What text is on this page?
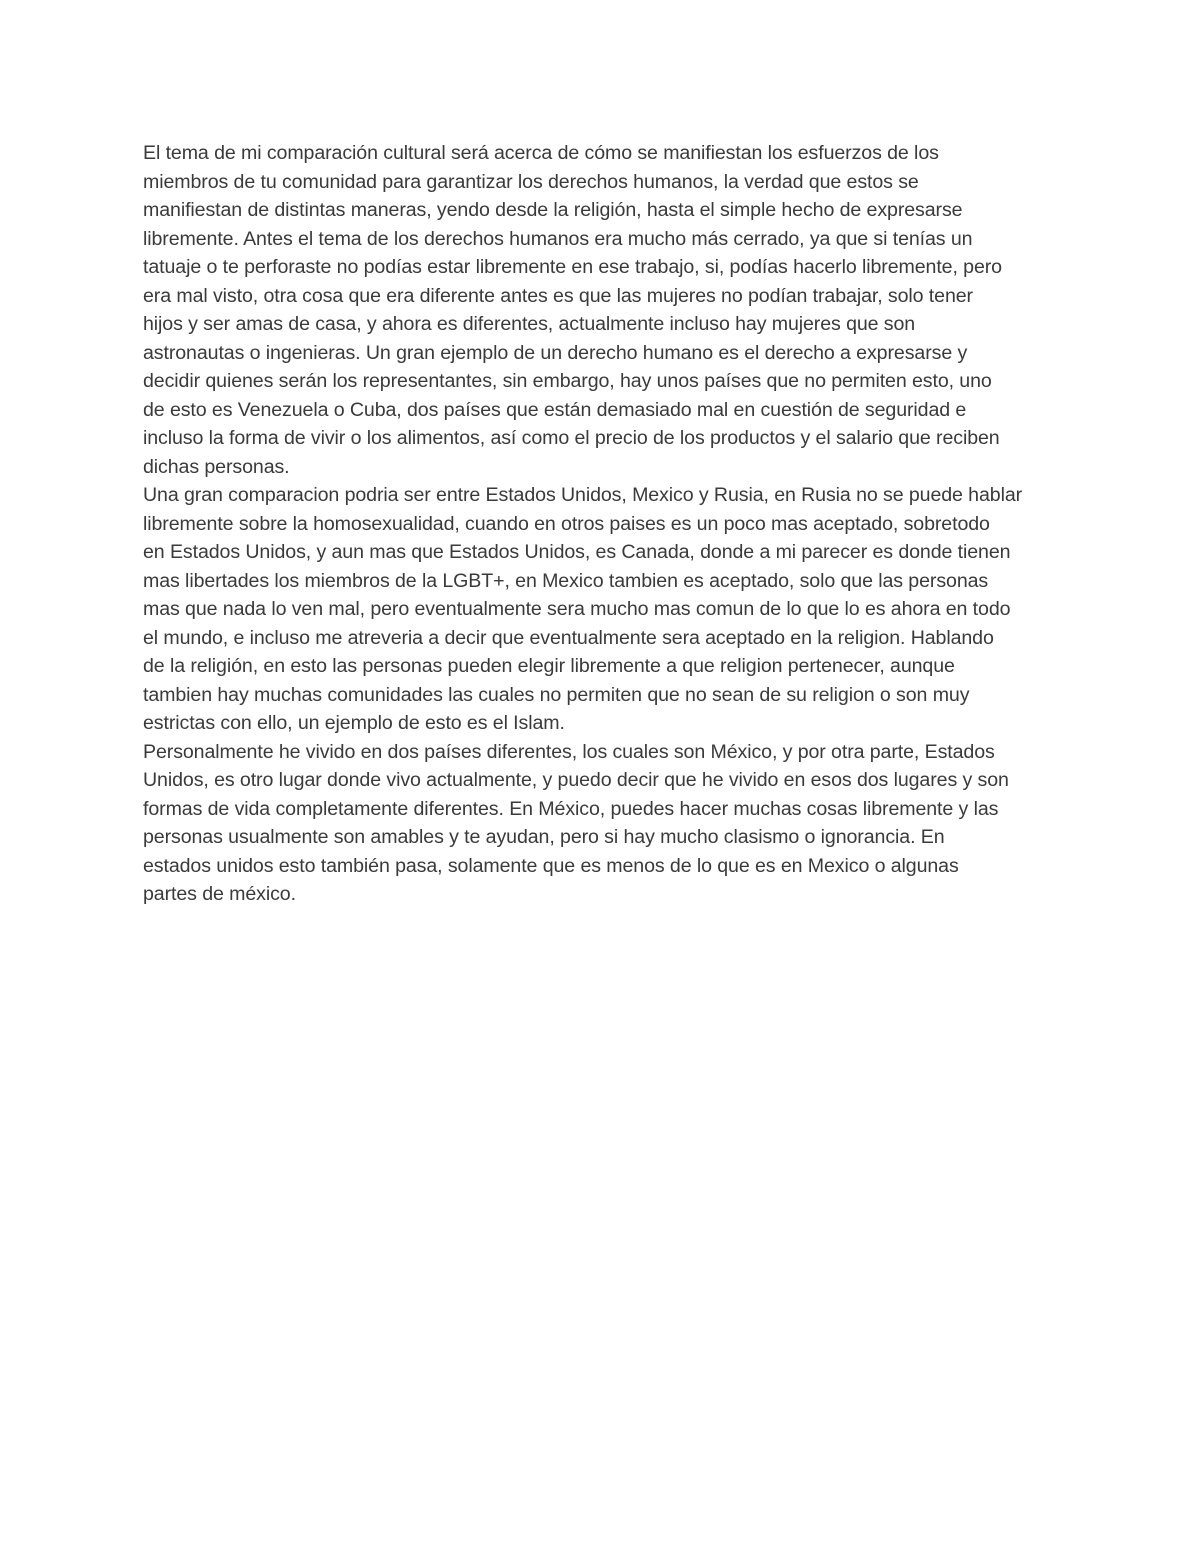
El tema de mi comparación cultural será acerca de cómo se manifiestan los esfuerzos de los
miembros de tu comunidad para garantizar los derechos humanos, la verdad que estos se
manifiestan de distintas maneras, yendo desde la religión, hasta el simple hecho de expresarse
libremente. Antes el tema de los derechos humanos era mucho más cerrado, ya que si tenías un
tatuaje o te perforaste no podías estar libremente en ese trabajo, si, podías hacerlo libremente, pero
era mal visto, otra cosa que era diferente antes es que las mujeres no podían trabajar, solo tener
hijos y ser amas de casa, y ahora es diferentes, actualmente incluso hay mujeres que son
astronautas o ingenieras. Un gran ejemplo de un derecho humano es el derecho a expresarse y
decidir quienes serán los representantes, sin embargo, hay unos países que no permiten esto, uno
de esto es Venezuela o Cuba, dos países que están demasiado mal en cuestión de seguridad e
incluso la forma de vivir o los alimentos, así como el precio de los productos y el salario que reciben
dichas personas.
Una gran comparacion podria ser entre Estados Unidos, Mexico y Rusia, en Rusia no se puede hablar
libremente sobre la homosexualidad, cuando en otros paises es un poco mas aceptado, sobretodo
en Estados Unidos, y aun mas que Estados Unidos, es Canada, donde a mi parecer es donde tienen
mas libertades los miembros de la LGBT+, en Mexico tambien es aceptado, solo que las personas
mas que nada lo ven mal, pero eventualmente sera mucho mas comun de lo que lo es ahora en todo
el mundo, e incluso me atreveria a decir que eventualmente sera aceptado en la religion. Hablando
de la religión, en esto las personas pueden elegir libremente a que religion pertenecer, aunque
tambien hay muchas comunidades las cuales no permiten que no sean de su religion o son muy
estrictas con ello, un ejemplo de esto es el Islam.
Personalmente he vivido en dos países diferentes, los cuales son México, y por otra parte, Estados
Unidos, es otro lugar donde vivo actualmente, y puedo decir que he vivido en esos dos lugares y son
formas de vida completamente diferentes. En México, puedes hacer muchas cosas libremente y las
personas usualmente son amables y te ayudan, pero si hay mucho clasismo o ignorancia. En
estados unidos esto también pasa, solamente que es menos de lo que es en Mexico o algunas
partes de méxico.
